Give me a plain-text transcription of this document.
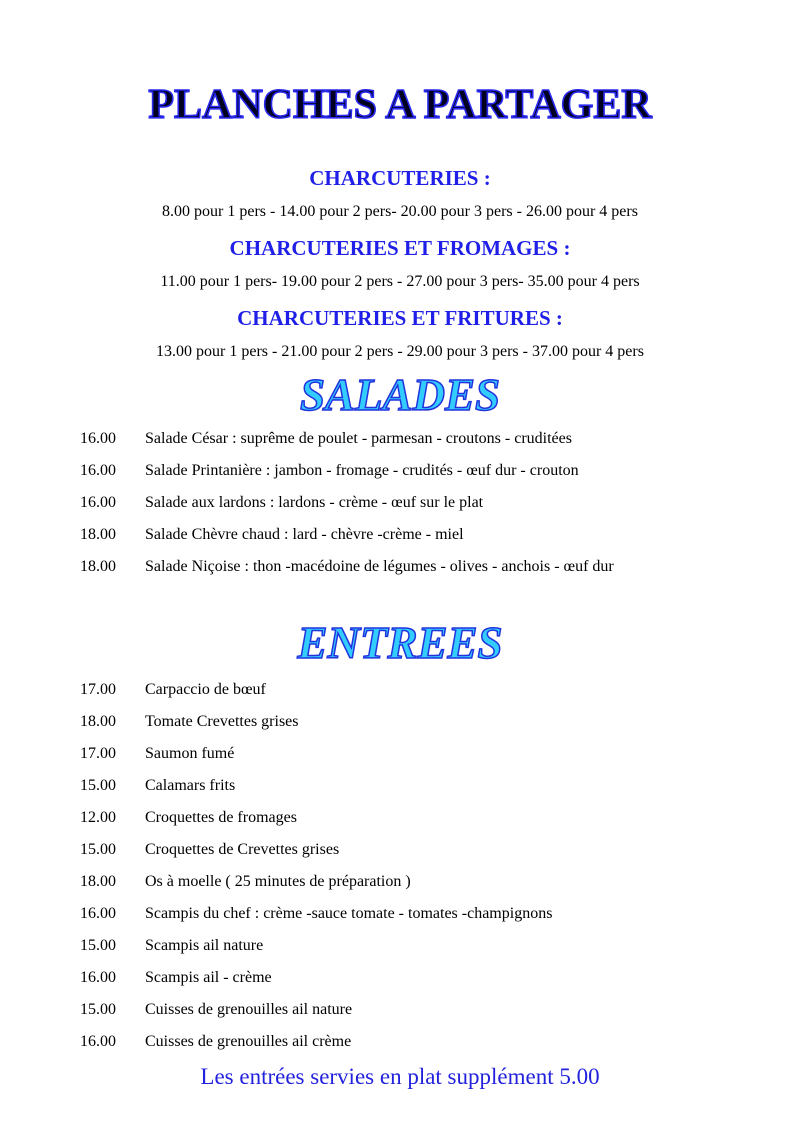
PLANCHES A PARTAGER
CHARCUTERIES :

8.00 pour 1 pers - 14.00 pour 2 pers- 20.00 pour 3 pers - 26.00 pour 4 pers

CHARCUTERIES ET FROMAGES :

11.00 pour 1 pers- 19.00 pour 2 pers - 27.00 pour 3 pers- 35.00 pour 4 pers

CHARCUTERIES ET FRITURES :

13.00 pour 1 pers - 21.00 pour 2 pers - 29.00 pour 3 pers - 37.00 pour 4 pers

SALADES
16.00	Salade César : suprême de poulet - parmesan - croutons - cruditées
16.00	Salade Printanière : jambon - fromage - crudités - œuf dur - crouton
16.00	Salade aux lardons : lardons - crème - œuf sur le plat
18.00	Salade Chèvre chaud : lard - chèvre -crème - miel
18.00	Salade Niçoise : thon -macédoine de légumes - olives - anchois - œuf dur
ENTREES
17.00	Carpaccio de bœuf
18.00	Tomate Crevettes grises
17.00	Saumon fumé
15.00	Calamars frits
12.00	Croquettes de fromages
15.00	Croquettes de Crevettes grises
18.00	Os à moelle ( 25 minutes de préparation )
16.00	Scampis du chef : crème -sauce tomate - tomates -champignons
15.00	Scampis ail nature
16.00	Scampis ail - crème
15.00	Cuisses de grenouilles ail nature
16.00	Cuisses de grenouilles ail crème

Les entrées servies en plat supplément 5.00
